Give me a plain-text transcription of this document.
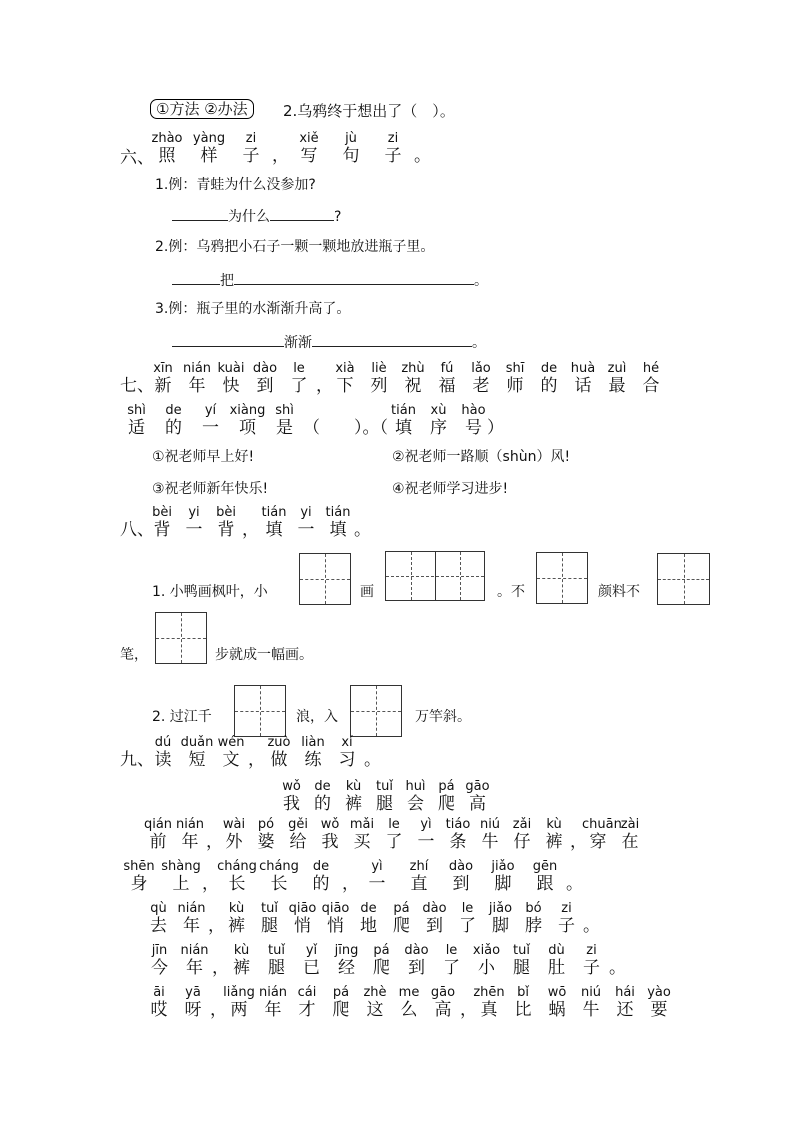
①方法 ②办法	2.乌鸦终于想出了（　）。
六、
zhào
照
yàng
样
zi
子
，
xiě
写
jù
句
zi
子
。
1.例：青蛙为什么没参加?
为什么	?
2.例：乌鸦把小石子一颗一颗地放进瓶子里。
把	。
3.例：瓶子里的水渐渐升高了。
渐渐	。
七、
xīn
新
nián
年
kuài
快
dào
到
le
了
，
xià
下
liè
列
zhù
祝
fú
福
lǎo
老
shī
师
de
的
huà
话
zuì
最
hé
合
shì
适
de
的
yí
一
xiàng
项
shì
是
tián
填
xù
序
hào
号
（　　）。（	）
①祝老师早上好!	②祝老师一路顺（shùn）风!
③祝老师新年快乐!	④祝老师学习进步!
八、
bèi
背
yi
一
bèi
背
，
tián
填
yi
一
tián
填
。
1. 小鸭画枫叶，小	画	。不	颜料不
笔，	步就成一幅画。
2. 过江千	浪，入	万竿斜。
九、
dú
读
duǎn
短
wén
文
，
zuò
做
liàn
练
xí
习
。
wǒ
我
de
的
kù
裤
tuǐ
腿
huì
会
pá
爬
gāo
高
qián
前
nián
年
，
wài
外
pó
婆
gěi
给
wǒ
我
mǎi
买
le
了
yì
一
tiáo
条
niú
牛
zǎi
仔
kù
裤
，
chuān
穿
zài
在
shēn
身
shàng
上
，
cháng
长
cháng
长
de
的
，
yì
一
zhí
直
dào
到
jiǎo
脚
gēn
跟
。
qù
去
nián
年
，
kù
裤
tuǐ
腿
qiāo
悄
qiāo
悄
de
地
pá
爬
dào
到
le
了
jiǎo
脚
bó
脖
zi
子
。
jīn
今
nián
年
，
kù
裤
tuǐ
腿
yǐ
已
jīng
经
pá
爬
dào
到
le
了
xiǎo
小
tuǐ
腿
dù
肚
zi
子
。
āi
哎
yā
呀
，
liǎng
两
nián
年
cái
才
pá
爬
zhè
这
me
么
gāo
高
，
zhēn
真
bǐ
比
wō
蜗
niú
牛
hái
还
yào
要
